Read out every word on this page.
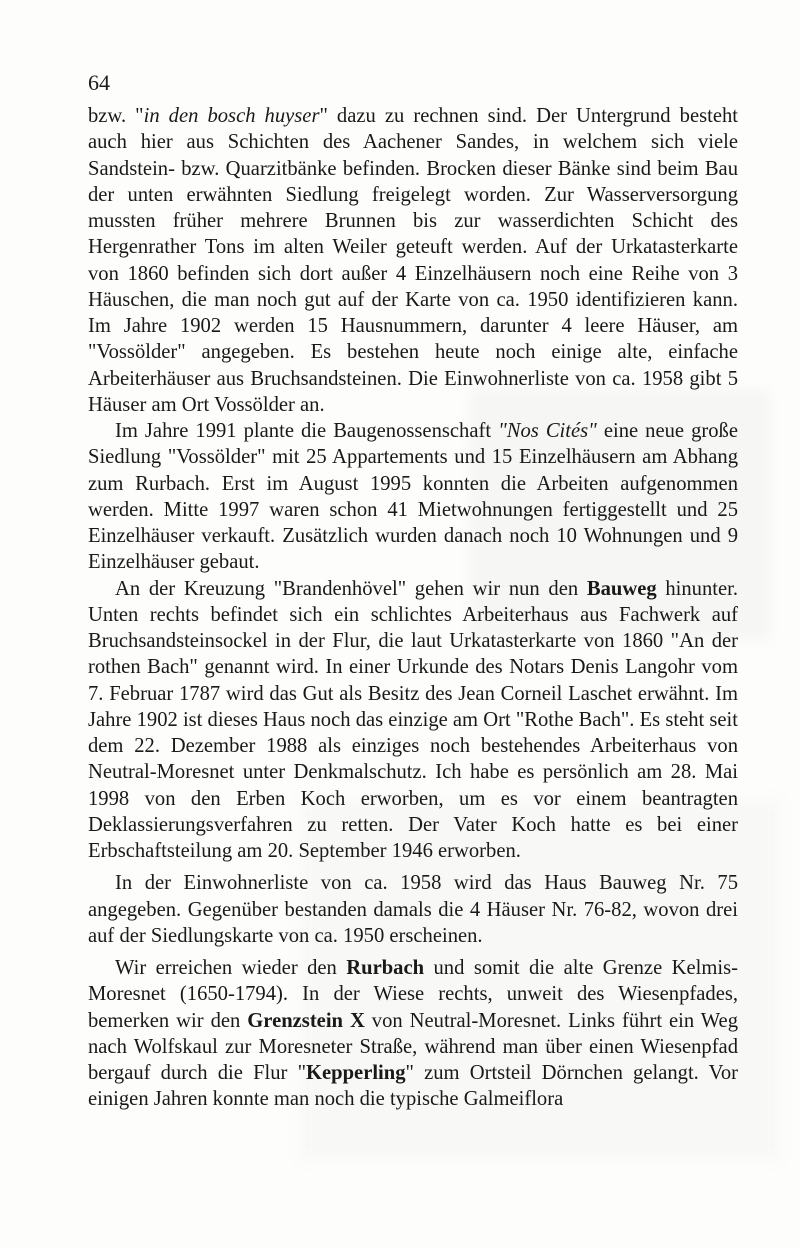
64

bzw. "in den bosch huyser" dazu zu rechnen sind. Der Untergrund besteht auch hier aus Schichten des Aachener Sandes, in welchem sich viele Sandstein- bzw. Quarzitbänke befinden. Brocken dieser Bänke sind beim Bau der unten erwähnten Siedlung freigelegt worden. Zur Wasserversorgung mussten früher mehrere Brunnen bis zur wasserdichten Schicht des Hergenrather Tons im alten Weiler geteuft werden. Auf der Urkatasterkarte von 1860 befinden sich dort außer 4 Einzelhäusern noch eine Reihe von 3 Häuschen, die man noch gut auf der Karte von ca. 1950 identifizieren kann. Im Jahre 1902 werden 15 Hausnummern, darunter 4 leere Häuser, am "Vossölder" angegeben. Es bestehen heute noch einige alte, einfache Arbeiterhäuser aus Bruchsandsteinen. Die Einwohnerliste von ca. 1958 gibt 5 Häuser am Ort Vossölder an.

Im Jahre 1991 plante die Baugenossenschaft "Nos Cités" eine neue große Siedlung "Vossölder" mit 25 Appartements und 15 Einzelhäusern am Abhang zum Rurbach. Erst im August 1995 konnten die Arbeiten aufgenommen werden. Mitte 1997 waren schon 41 Mietwohnungen fertiggestellt und 25 Einzelhäuser verkauft. Zusätzlich wurden danach noch 10 Wohnungen und 9 Einzelhäuser gebaut.

An der Kreuzung "Brandenhövel" gehen wir nun den Bauweg hinunter. Unten rechts befindet sich ein schlichtes Arbeiterhaus aus Fachwerk auf Bruchsandsteinsockel in der Flur, die laut Urkatasterkarte von 1860 "An der rothen Bach" genannt wird. In einer Urkunde des Notars Denis Langohr vom 7. Februar 1787 wird das Gut als Besitz des Jean Corneil Laschet erwähnt. Im Jahre 1902 ist dieses Haus noch das einzige am Ort "Rothe Bach". Es steht seit dem 22. Dezember 1988 als einziges noch bestehendes Arbeiterhaus von Neutral-Moresnet unter Denkmalschutz. Ich habe es persönlich am 28. Mai 1998 von den Erben Koch erworben, um es vor einem beantragten Deklassierungsverfahren zu retten. Der Vater Koch hatte es bei einer Erbschaftsteilung am 20. September 1946 erworben.

In der Einwohnerliste von ca. 1958 wird das Haus Bauweg Nr. 75 angegeben. Gegenüber bestanden damals die 4 Häuser Nr. 76-82, wovon drei auf der Siedlungskarte von ca. 1950 erscheinen.

Wir erreichen wieder den Rurbach und somit die alte Grenze Kelmis-Moresnet (1650-1794). In der Wiese rechts, unweit des Wiesenpfades, bemerken wir den Grenzstein X von Neutral-Moresnet. Links führt ein Weg nach Wolfskaul zur Moresneter Straße, während man über einen Wiesenpfad bergauf durch die Flur "Kepperling" zum Ortsteil Dörnchen gelangt. Vor einigen Jahren konnte man noch die typische Galmeiflora
